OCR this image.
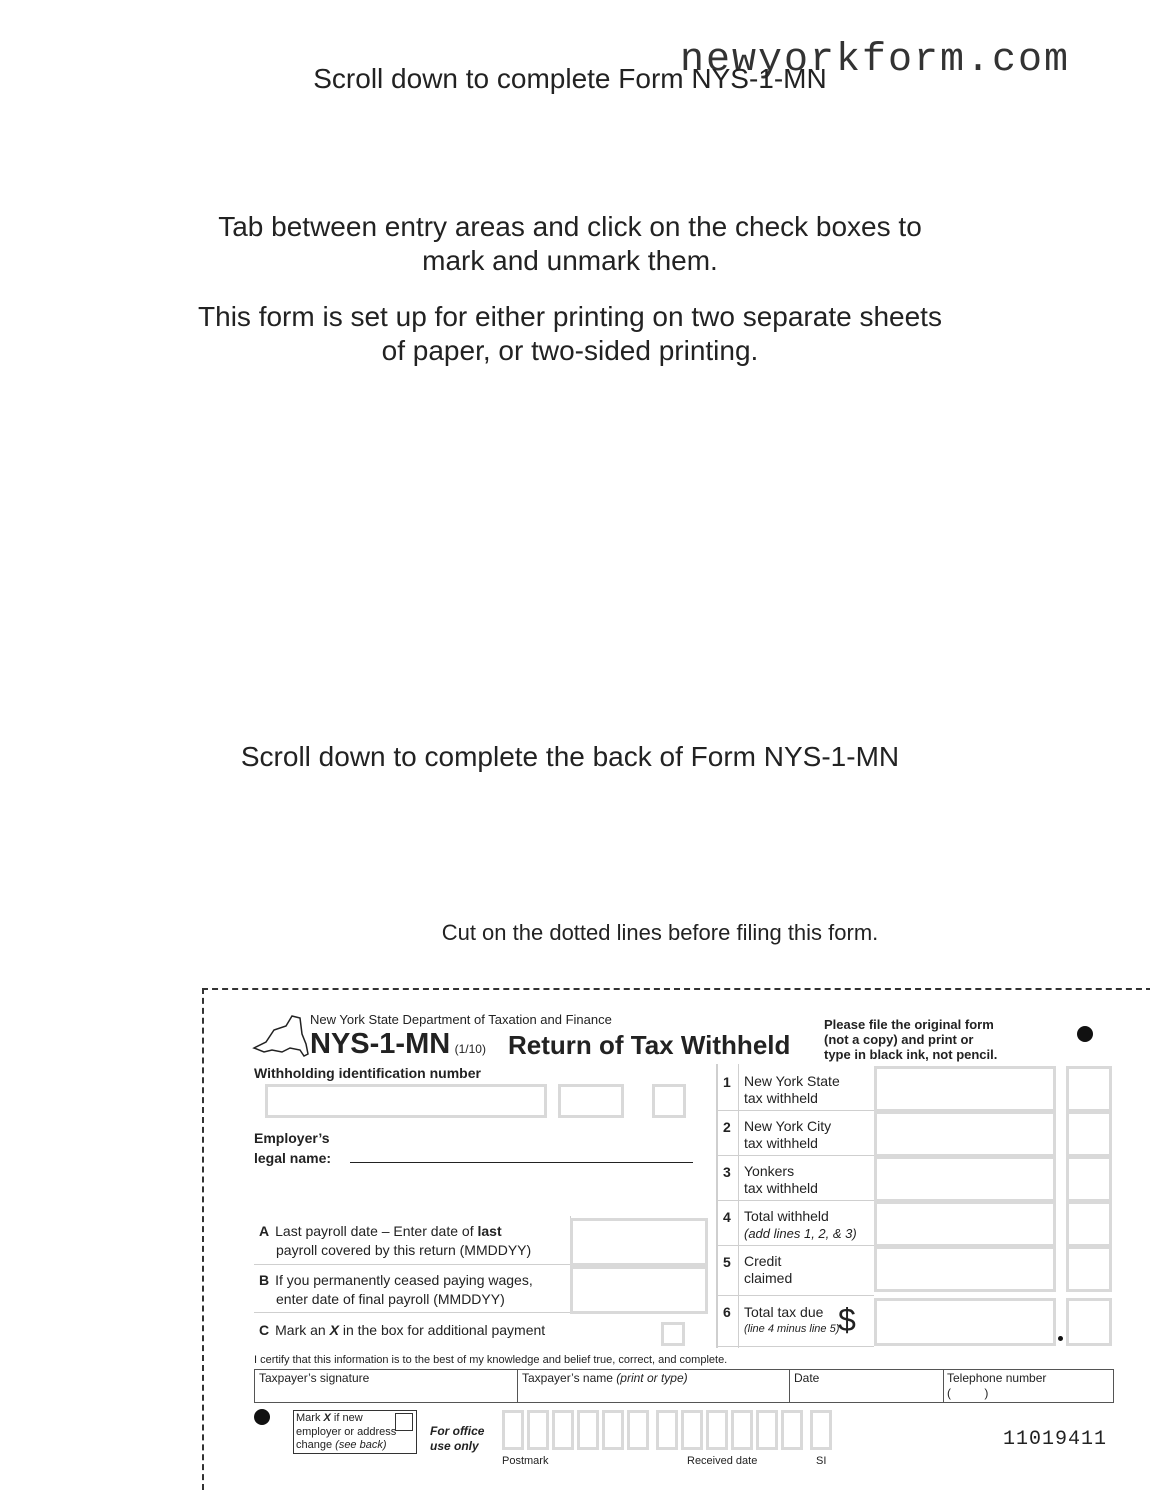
newyorkform.com
Scroll down to complete Form NYS-1-MN
Tab between entry areas and click on the check boxes to
mark and unmark them.
This form is set up for either printing on two separate sheets
of paper, or two-sided printing.
Scroll down to complete the back of Form NYS-1-MN
Cut on the dotted lines before filing this form.
New York State Department of Taxation and Finance
NYS-1-MN (1/10) Return of Tax Withheld
Please file the original form
(not a copy) and print or
type in black ink, not pencil.
Withholding identification number
Employer’s
legal name:
A Last payroll date – Enter date of last
payroll covered by this return (MMDDYY)
B If you permanently ceased paying wages,
enter date of final payroll (MMDDYY)
C Mark an X in the box for additional payment
1 New York State
tax withheld
2 New York City
tax withheld
3 Yonkers
tax withheld
4 Total withheld
(add lines 1, 2, & 3)
5 Credit
claimed
6 Total tax due
(line 4 minus line 5)
$
I certify that this information is to the best of my knowledge and belief true, correct, and complete.
Taxpayer’s signature	Taxpayer’s name (print or type)	Date	Telephone number
(          )
Mark X if new
employer or address
change (see back)
For office
use only
Postmark	Received date	SI
11019411
